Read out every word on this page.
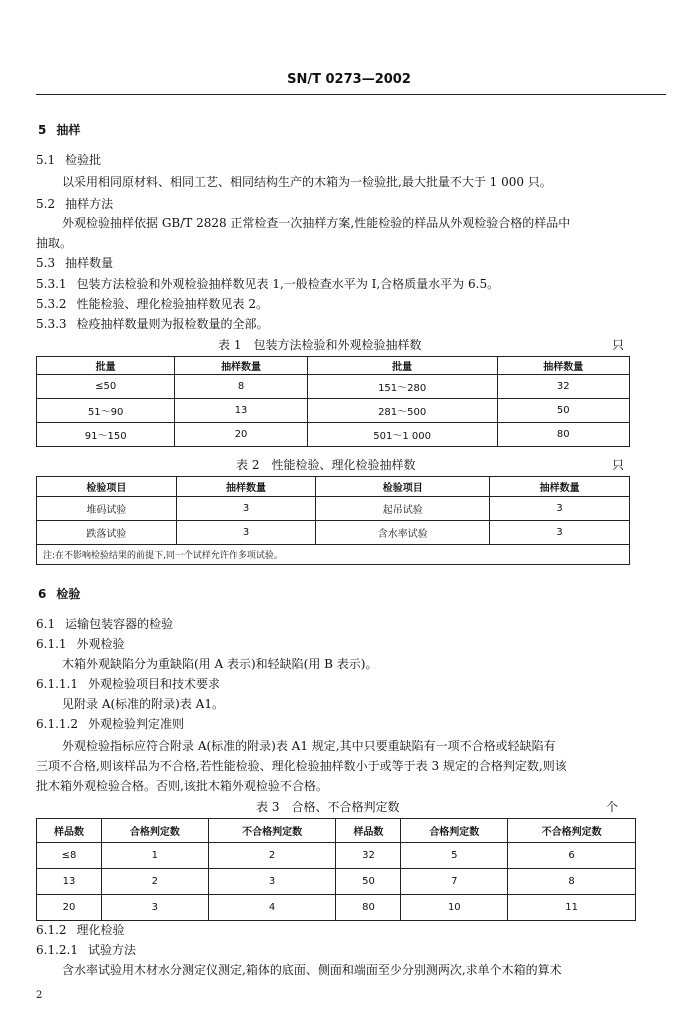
SN/T 0273—2002
5 抽样
5.1 检验批
以采用相同原材料、相同工艺、相同结构生产的木箱为一检验批,最大批量不大于 1 000 只。
5.2 抽样方法
外观检验抽样依据 GB/T 2828 正常检查一次抽样方案,性能检验的样品从外观检验合格的样品中
抽取。
5.3 抽样数量
5.3.1 包装方法检验和外观检验抽样数见表 1,一般检查水平为 I,合格质量水平为 6.5。
5.3.2 性能检验、理化检验抽样数见表 2。
5.3.3 检疫抽样数量则为报检数量的全部。
表 1　包装方法检验和外观检验抽样数	只
批量	抽样数量	批量	抽样数量
≤50	8	151～280	32
51～90	13	281～500	50
91～150	20	501～1 000	80
表 2　性能检验、理化检验抽样数	只
检验项目	抽样数量	检验项目	抽样数量
堆码试验	3	起吊试验	3
跌落试验	3	含水率试验	3
注:在不影响检验结果的前提下,同一个试样允许作多项试验。			
6 检验
6.1 运输包装容器的检验
6.1.1 外观检验
木箱外观缺陷分为重缺陷(用 A 表示)和轻缺陷(用 B 表示)。
6.1.1.1 外观检验项目和技术要求
见附录 A(标准的附录)表 A1。
6.1.1.2 外观检验判定准则
外观检验指标应符合附录 A(标准的附录)表 A1 规定,其中只要重缺陷有一项不合格或轻缺陷有
三项不合格,则该样品为不合格,若性能检验、理化检验抽样数小于或等于表 3 规定的合格判定数,则该
批木箱外观检验合格。否则,该批木箱外观检验不合格。
表 3　合格、不合格判定数	个
样品数	合格判定数	不合格判定数	样品数	合格判定数	不合格判定数
≤8	1	2	32	5	6
13	2	3	50	7	8
20	3	4	80	10	11
6.1.2 理化检验
6.1.2.1 试验方法
含水率试验用木材水分测定仪测定,箱体的底面、侧面和端面至少分别测两次,求单个木箱的算术
2
